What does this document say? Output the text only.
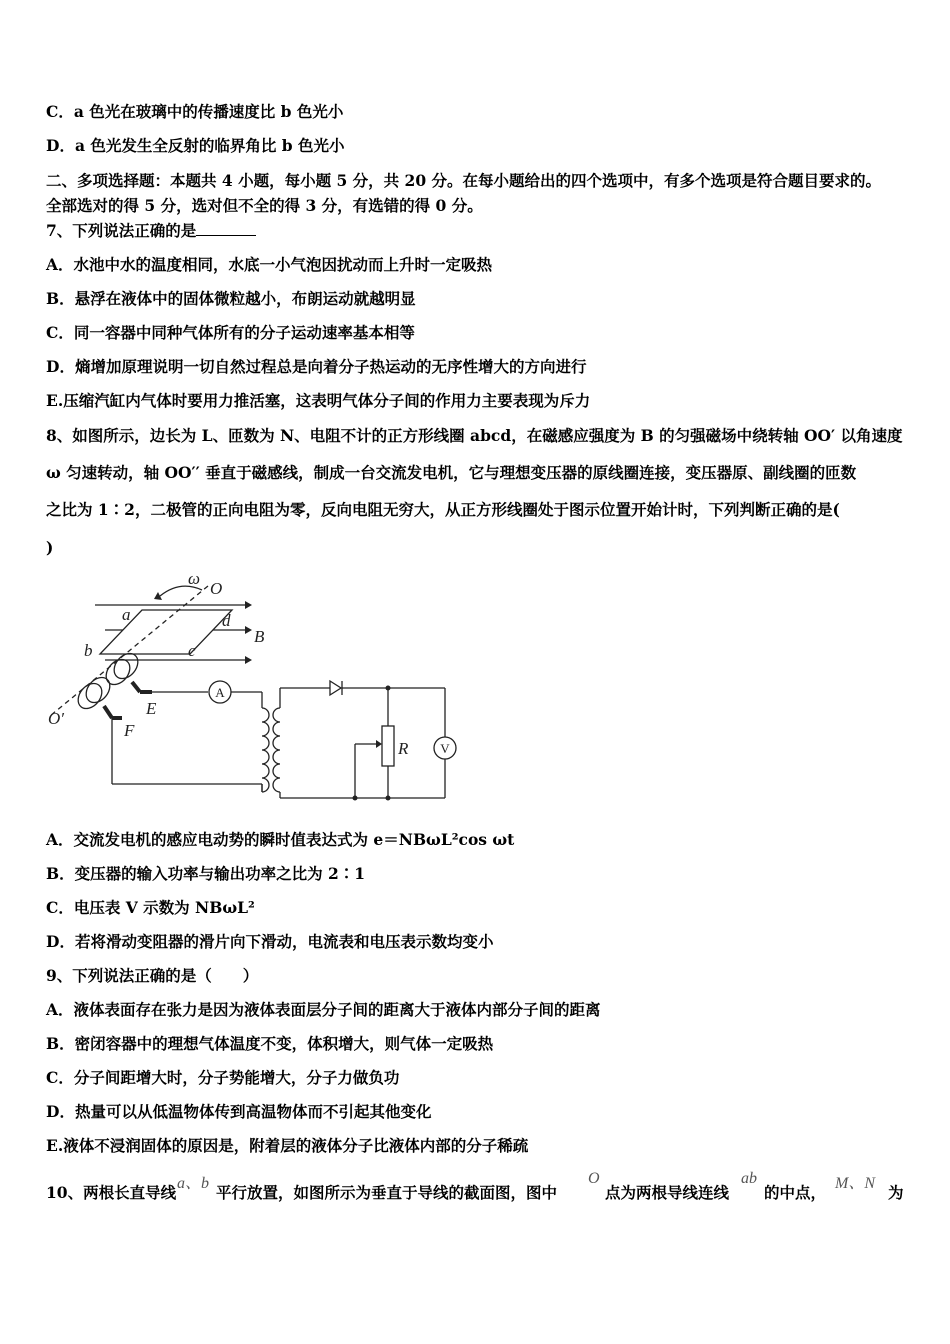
C．a 色光在玻璃中的传播速度比 b 色光小
D．a 色光发生全反射的临界角比 b 色光小
二、多项选择题：本题共 4 小题，每小题 5 分，共 20 分。在每小题给出的四个选项中，有多个选项是符合题目要求的。
全部选对的得 5 分，选对但不全的得 3 分，有选错的得 0 分。
7、下列说法正确的是
A．水池中水的温度相同，水底一小气泡因扰动而上升时一定吸热
B．悬浮在液体中的固体微粒越小，布朗运动就越明显
C．同一容器中同种气体所有的分子运动速率基本相等
D．熵增加原理说明一切自然过程总是向着分子热运动的无序性增大的方向进行
E.压缩汽缸内气体时要用力推活塞，这表明气体分子间的作用力主要表现为斥力
8、如图所示，边长为 L、匝数为 N、电阻不计的正方形线圈 abcd，在磁感应强度为 B 的匀强磁场中绕转轴 OO′ 以角速度
ω 匀速转动，轴 OO′′ 垂直于磁感线，制成一台交流发电机，它与理想变压器的原线圈连接，变压器原、副线圈的匝数
之比为 1∶2，二极管的正向电阻为零，反向电阻无穷大，从正方形线圈处于图示位置开始计时，下列判断正确的是(
)
ω
O
a	d
b	c
B
E
F
O′
R
A
V
A．交流发电机的感应电动势的瞬时值表达式为 e＝NBωL²cos ωt
B．变压器的输入功率与输出功率之比为 2∶1
C．电压表 V 示数为 NBωL²
D．若将滑动变阻器的滑片向下滑动，电流表和电压表示数均变小
9、下列说法正确的是（　　）
A．液体表面存在张力是因为液体表面层分子间的距离大于液体内部分子间的距离
B．密闭容器中的理想气体温度不变，体积增大，则气体一定吸热
C．分子间距增大时，分子势能增大，分子力做负功
D．热量可以从低温物体传到高温物体而不引起其他变化
E.液体不浸润固体的原因是，附着层的液体分子比液体内部的分子稀疏
10、两根长直导线 a、b 平行放置，如图所示为垂直于导线的截面图，图中
O
点为两根导线连线
ab
的中点， M、N 为
